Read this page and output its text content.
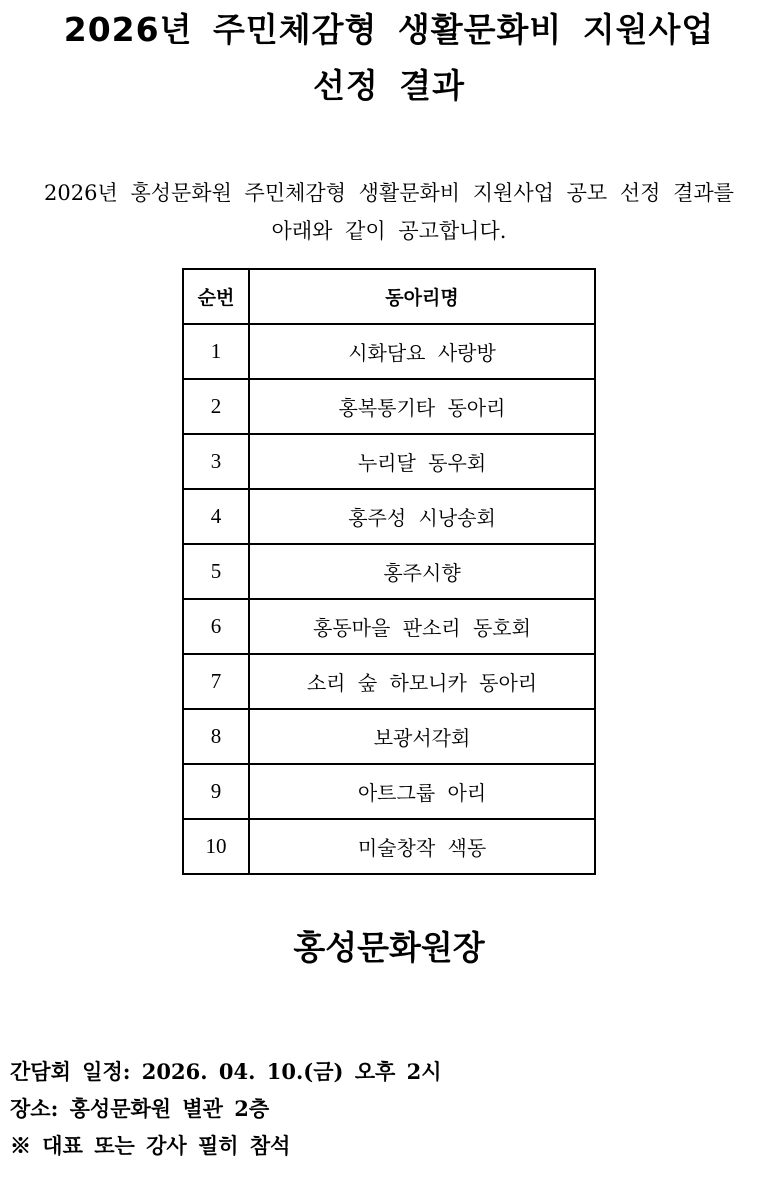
2026년 주민체감형 생활문화비 지원사업
선정 결과

2026년 홍성문화원 주민체감형 생활문화비 지원사업 공모 선정 결과를

아래와 같이 공고합니다.

순번	동아리명
1	시화담요 사랑방
2	홍복통기타 동아리
3	누리달 동우회
4	홍주성 시낭송회
5	홍주시향
6	홍동마을 판소리 동호회
7	소리 숲 하모니카 동아리
8	보광서각회
9	아트그룹 아리
10	미술창작 색동

홍성문화원장

간담회 일정: 2026. 04. 10.(금) 오후 2시

장소: 홍성문화원 별관 2층

※ 대표 또는 강사 필히 참석
